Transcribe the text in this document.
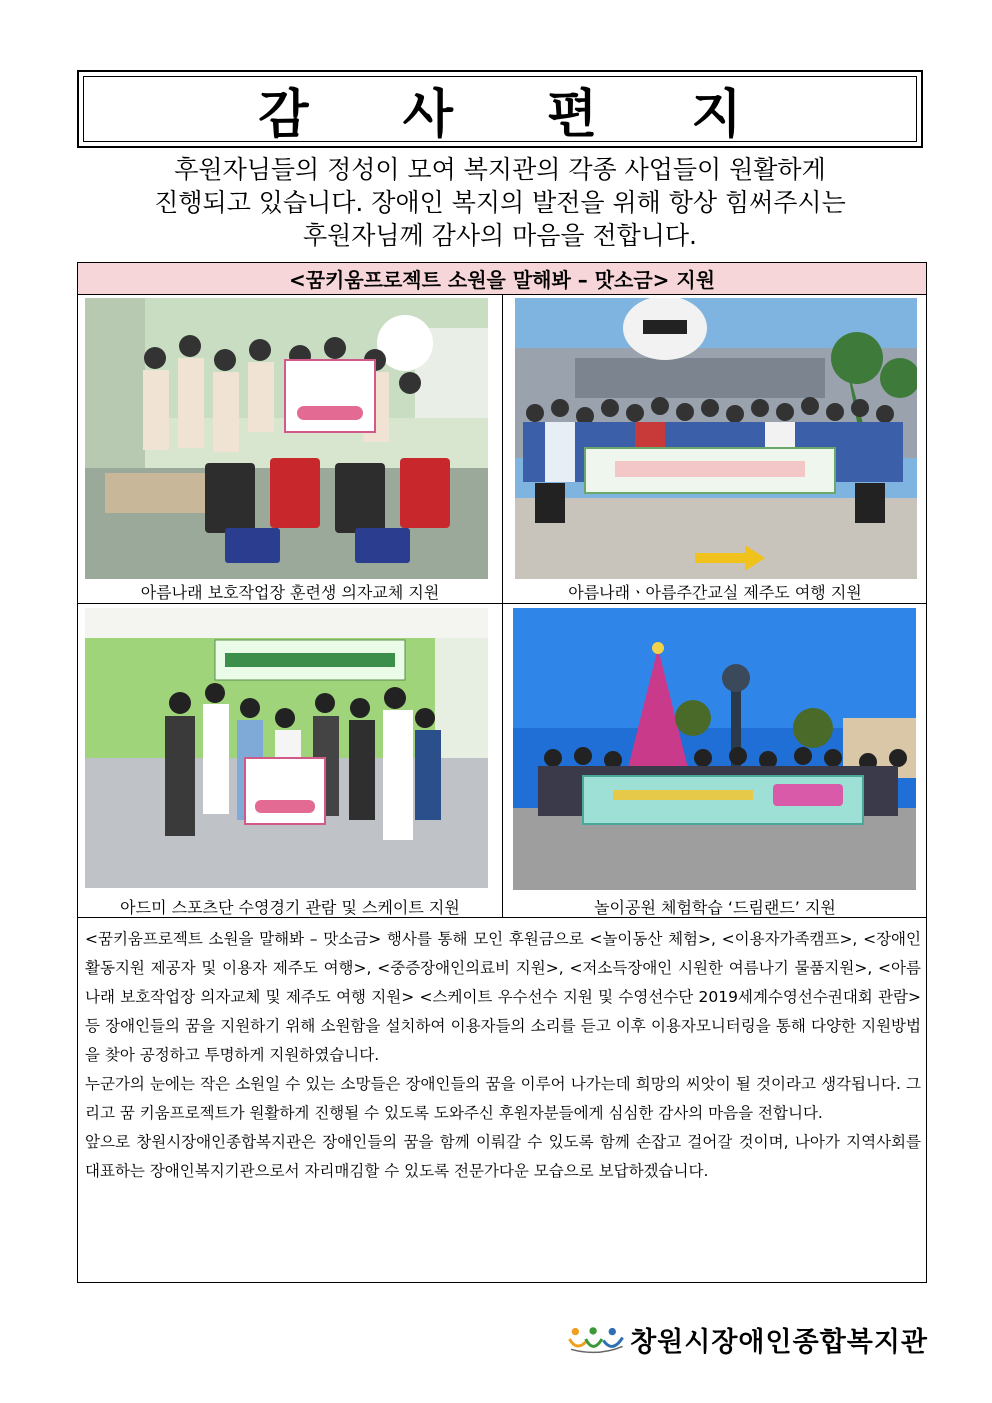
감 사 편 지
후원자님들의 정성이 모여 복지관의 각종 사업들이 원활하게
진행되고 있습니다. 장애인 복지의 발전을 위해 항상 힘써주시는
후원자님께 감사의 마음을 전합니다.
<꿈키움프로젝트 소원을 말해봐 – 맛소금> 지원
아름나래 보호작업장 훈련생 의자교체 지원	아름나래ㆍ아름주간교실 제주도 여행 지원
아드미 스포츠단 수영경기 관람 및 스케이트 지원	놀이공원 체험학습 ‘드림랜드’ 지원

<꿈키움프로젝트 소원을 말해봐 – 맛소금> 행사를 통해 모인 후원금으로 <놀이동산 체험>, <이용자가족캠프>, <장애인활동지원 제공자 및 이용자 제주도 여행>, <중증장애인의료비 지원>, <저소득장애인 시원한 여름나기 물품지원>, <아름나래 보호작업장 의자교체 및 제주도 여행 지원> <스케이트 우수선수 지원 및 수영선수단 2019세계수영선수권대회 관람> 등 장애인들의 꿈을 지원하기 위해 소원함을 설치하여 이용자들의 소리를 듣고 이후 이용자모니터링을 통해 다양한 지원방법을 찾아 공정하고 투명하게 지원하였습니다.

누군가의 눈에는 작은 소원일 수 있는 소망들은 장애인들의 꿈을 이루어 나가는데 희망의 씨앗이 될 것이라고 생각됩니다. 그리고 꿈 키움프로젝트가 원활하게 진행될 수 있도록 도와주신 후원자분들에게 심심한 감사의 마음을 전합니다.

앞으로 창원시장애인종합복지관은 장애인들의 꿈을 함께 이뤄갈 수 있도록 함께 손잡고 걸어갈 것이며, 나아가 지역사회를 대표하는 장애인복지기관으로서 자리매김할 수 있도록 전문가다운 모습으로 보답하겠습니다.

창원시장애인종합복지관
